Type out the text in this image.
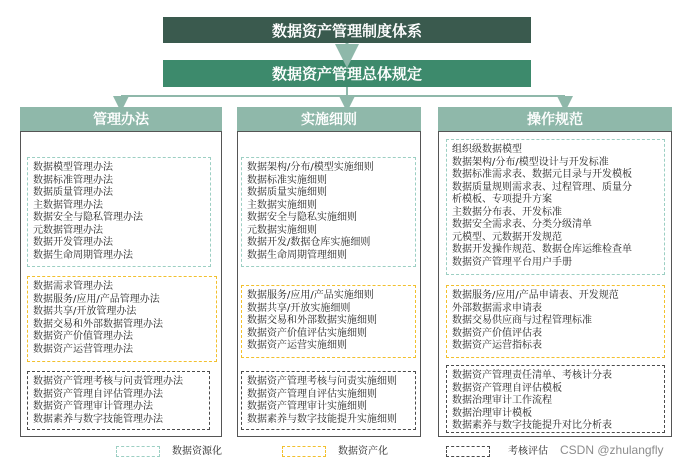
数据资产管理制度体系
数据资产管理总体规定
管理办法	实施细则	操作规范
数据模型管理办法
数据标准管理办法
数据质量管理办法
主数据管理办法
数据安全与隐私管理办法
元数据管理办法
数据开发管理办法
数据生命周期管理办法
数据需求管理办法
数据服务/应用/产品管理办法
数据共享/开放管理办法
数据交易和外部数据管理办法
数据资产价值管理办法
数据资产运营管理办法
数据资产管理考核与问责管理办法
数据资产管理自评估管理办法
数据资产管理审计管理办法
数据素养与数字技能管理办法
数据架构/分布/模型实施细则
数据标准实施细则
数据质量实施细则
主数据实施细则
数据安全与隐私实施细则
元数据实施细则
数据开发/数据仓库实施细则
数据生命周期管理细则
数据服务/应用/产品实施细则
数据共享/开放实施细则
数据交易和外部数据实施细则
数据资产价值评估实施细则
数据资产运营实施细则
数据资产管理考核与问责实施细则
数据资产管理自评估实施细则
数据资产管理审计实施细则
数据素养与数字技能提升实施细则
组织级数据模型
数据架构/分布/模型设计与开发标准
数据标准需求表、数据元目录与开发模板
数据质量规则需求表、过程管理、质量分
析模板、专项提升方案
主数据分布表、开发标准
数据安全需求表、分类分级清单
元模型、元数据开发规范
数据开发操作规范、数据仓库运维检查单
数据资产管理平台用户手册
数据服务/应用/产品申请表、开发规范
外部数据需求申请表
数据交易供应商与过程管理标准
数据资产价值评估表
数据资产运营指标表
数据资产管理责任清单、考核计分表
数据资产管理自评估模板
数据治理审计工作流程
数据治理审计模板
数据素养与数字技能提升对比分析表
数据资源化	数据资产化	考核评估 CSDN @zhulangfly
